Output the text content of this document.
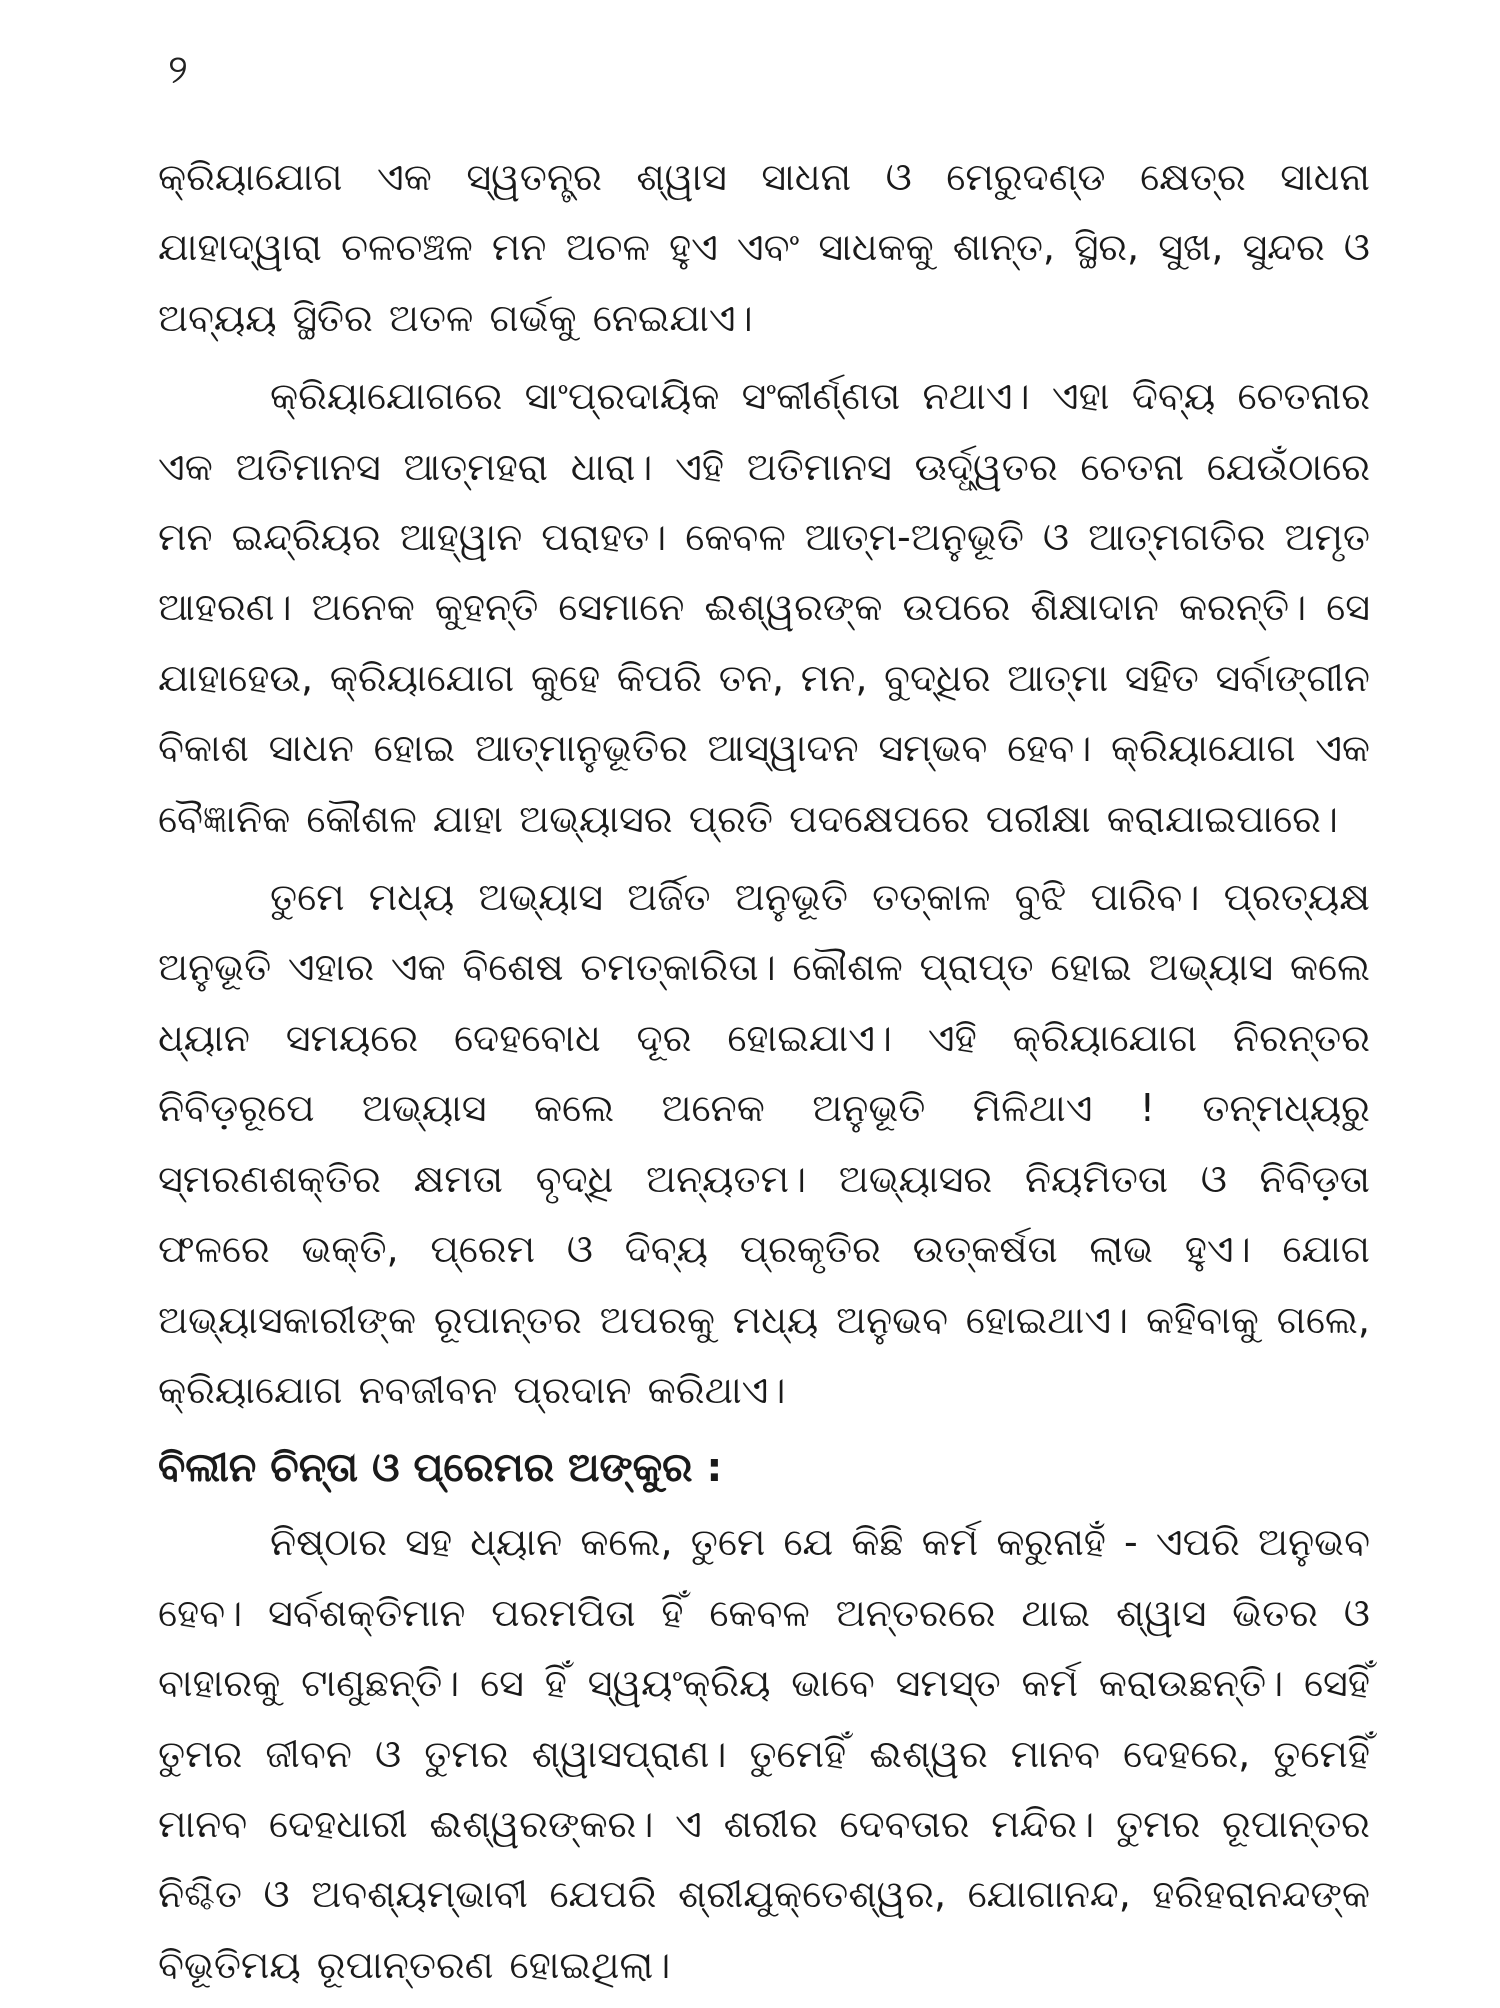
୨

କ୍ରିୟାଯୋଗ ଏକ ସ୍ୱତନ୍ତ୍ର ଶ୍ୱାସ ସାଧନା ଓ ମେରୁଦଣ୍ଡ କ୍ଷେତ୍ର ସାଧନା ଯାହାଦ୍ୱାରା ଚଳଚଞ୍ଚଳ ମନ ଅଚଳ ହୁଏ ଏବଂ ସାଧକକୁ ଶାନ୍ତ, ସ୍ଥିର, ସୁଖ, ସୁନ୍ଦର ଓ ଅବ୍ୟୟ ସ୍ଥିତିର ଅତଳ ଗର୍ଭକୁ ନେଇଯାଏ।

କ୍ରିୟାଯୋଗରେ ସାଂପ୍ରଦାୟିକ ସଂକୀର୍ଣ୍ଣତା ନଥାଏ। ଏହା ଦିବ୍ୟ ଚେତନାର ଏକ ଅତିମାନସ ଆତ୍ମହରା ଧାରା। ଏହି ଅତିମାନସ ଊର୍ଦ୍ଧ୍ୱତର ଚେତନା ଯେଉଁଠାରେ ମନ ଇନ୍ଦ୍ରିୟର ଆହ୍ୱାନ ପରାହତ। କେବଳ ଆତ୍ମ-ଅନୁଭୂତି ଓ ଆତ୍ମଗତିର ଅମୃତ ଆହରଣ। ଅନେକ କୁହନ୍ତି ସେମାନେ ଈଶ୍ୱରଙ୍କ ଉପରେ ଶିକ୍ଷାଦାନ କରନ୍ତି। ସେ ଯାହାହେଉ, କ୍ରିୟାଯୋଗ କୁହେ କିପରି ତନ, ମନ, ବୁଦ୍ଧିର ଆତ୍ମା ସହିତ ସର୍ବାଙ୍ଗୀନ ବିକାଶ ସାଧନ ହୋଇ ଆତ୍ମାନୁଭୂତିର ଆସ୍ୱାଦନ ସମ୍ଭବ ହେବ। କ୍ରିୟାଯୋଗ ଏକ ବୈଜ୍ଞାନିକ କୌଶଳ ଯାହା ଅଭ୍ୟାସର ପ୍ରତି ପଦକ୍ଷେପରେ ପରୀକ୍ଷା କରାଯାଇପାରେ।

ତୁମେ ମଧ୍ୟ ଅଭ୍ୟାସ ଅର୍ଜିତ ଅନୁଭୂତି ତତ୍କାଳ ବୁଝି ପାରିବ। ପ୍ରତ୍ୟକ୍ଷ ଅନୁଭୂତି ଏହାର ଏକ ବିଶେଷ ଚମତ୍କାରିତା। କୌଶଳ ପ୍ରାପ୍ତ ହୋଇ ଅଭ୍ୟାସ କଲେ ଧ୍ୟାନ ସମୟରେ ଦେହବୋଧ ଦୂର ହୋଇଯାଏ। ଏହି କ୍ରିୟାଯୋଗ ନିରନ୍ତର ନିବିଡ଼ରୂପେ ଅଭ୍ୟାସ କଲେ ଅନେକ ଅନୁଭୂତି ମିଳିଥାଏ ! ତନ୍ମଧ୍ୟରୁ ସ୍ମରଣଶକ୍ତିର କ୍ଷମତା ବୃଦ୍ଧି ଅନ୍ୟତମ। ଅଭ୍ୟାସର ନିୟମିତତା ଓ ନିବିଡ଼ତା ଫଳରେ ଭକ୍ତି, ପ୍ରେମ ଓ ଦିବ୍ୟ ପ୍ରକୃତିର ଉତ୍କର୍ଷତା ଲାଭ ହୁଏ। ଯୋଗ ଅଭ୍ୟାସକାରୀଙ୍କ ରୂପାନ୍ତର ଅପରକୁ ମଧ୍ୟ ଅନୁଭବ ହୋଇଥାଏ। କହିବାକୁ ଗଲେ, କ୍ରିୟାଯୋଗ ନବଜୀବନ ପ୍ରଦାନ କରିଥାଏ।

ବିଲୀନ ଚିନ୍ତା ଓ ପ୍ରେମର ଅଙ୍କୁର :

ନିଷ୍ଠାର ସହ ଧ୍ୟାନ କଲେ, ତୁମେ ଯେ କିଛି କର୍ମ କରୁନାହଁ - ଏପରି ଅନୁଭବ ହେବ। ସର୍ବଶକ୍ତିମାନ ପରମପିତା ହିଁ କେବଳ ଅନ୍ତରରେ ଥାଇ ଶ୍ୱାସ ଭିତର ଓ ବାହାରକୁ ଟାଣୁଛନ୍ତି। ସେ ହିଁ ସ୍ୱୟଂକ୍ରିୟ ଭାବେ ସମସ୍ତ କର୍ମ କରାଉଛନ୍ତି। ସେହିଁ ତୁମର ଜୀବନ ଓ ତୁମର ଶ୍ୱାସପ୍ରାଣ। ତୁମେହିଁ ଈଶ୍ୱର ମାନବ ଦେହରେ, ତୁମେହିଁ ମାନବ ଦେହଧାରୀ ଈଶ୍ୱରଙ୍କର। ଏ ଶରୀର ଦେବତାର ମନ୍ଦିର। ତୁମର ରୂପାନ୍ତର ନିଶ୍ଚିତ ଓ ଅବଶ୍ୟମ୍ଭାବୀ ଯେପରି ଶ୍ରୀଯୁକ୍ତେଶ୍ୱର, ଯୋଗାନନ୍ଦ, ହରିହରାନନ୍ଦଙ୍କ ବିଭୂତିମୟ ରୂପାନ୍ତରଣ ହୋଇଥିଲା।
